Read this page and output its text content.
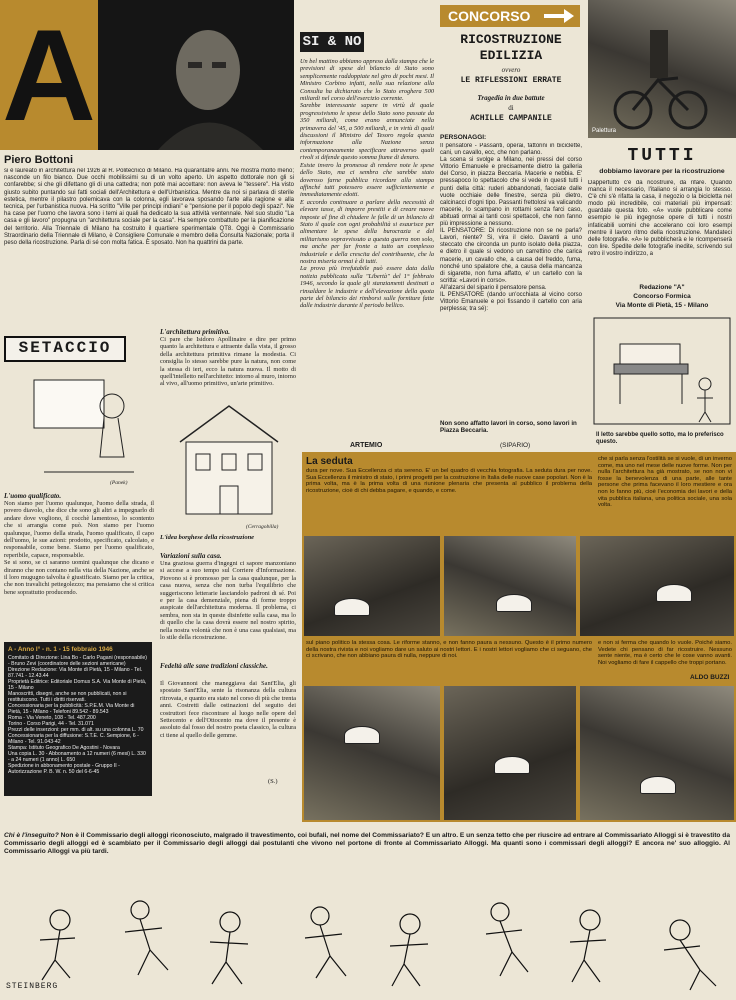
A
Piero Bottoni
si è laureato in architettura nel 1926 al R. Politecnico di Milano. Ha quarantatré anni. Ne mostra molto meno; nasconde un filo bianco. Due occhi mobilissimi su di un volto aperto. Un aspetto dottorale non gli si confarebbe; si che gli difettano gli di una cattedra; non potè mai accettare: non aveva le "tessere". Ha visto giusto subito puntando sui fatti sociali dell'Architettura e dell'Urbanistica. Mentre da noi si parlava di sterile estetica, mentre il pilastro polemicava con la colonna, egli lavorava sposando l'arte alla ragione e alla tecnica, per l'urbanistica nuova. Ha scritto "Ville per principi indiani" e "pensione per il popolo degli spazi". Ne ha case per l'uomo che lavora sono i temi ai quali ha dedicato la sua attività ventennale. Nel suo studio "La casa e gli lavoro" propugna un "architettura sociale per la casa". Ha sempre combattuto per la pianificazione del territorio. Alla Triennale di Milano ha costruito il quartiere sperimentale QT8. Oggi è Commissario Straordinario della Triennale di Milano, è Consigliere Comunale e membro della Consulta Nazionale; porta il peso della ricostruzione. Parla di sé con molta fatica. È sposato. Non ha quattrini da parte.
SI & NO
Un bel mattino abbiamo appreso dalla stampa che le previsioni di spese del bilancio di Stato sono semplicemente raddoppiate nel giro di pochi mesi. Il Ministro Corbino infatti, nella sua relazione alla Consulta ha dichiarato che lo Stato eroghera 500 miliardi nel corso dell'esercizio corrente.
Sarebbe interessante sapere in virtù di quale progressivismo le spese dello Stato sono passate da 350 miliardi, come erano annunciate nella primavera del '45, a 500 miliardi, e in virtù di quali discussioni il Ministro del Tesoro regola questa informazione alla Nazione senza contemporaneamente specificare attraverso quali rivoli si difende questo somma fiume di denaro.
Esiste invero la promessa di rendere note le spese dello Stato, ma ci sembra che sarebbe stato doveroso farne pubblica ricordare alla stampa affinché tutti potessero essere sufficientemente e immediatamente edotti.
E accordo continuare a parlare della necessità di elevare tasse, di imporre prestiti e di creare nuove imposte al fine di chiudere le falle di un bilancio di Stato il quale con ogni probabilità si esaurisce per alimentare le spese della burocrazia e del militarismo sopravvissuto a questa guerra non solo, ma anche per far fronte a tutto un complesso industriale e della crescita del contribuente, che la nostra miseria ormai è di tutti.
La prova più irrefutabile può essere data dalla notizia pubblicata sulla "Libertà" del 1° febbraio 1946, secondo la quale gli stanziamenti destinati a rinsaldare le industrie e dell'elevazione della quota parte del bilancio dei rimborsi sulle forniture fatte dalle industrie durante il periodo bellico.
ARTEMIO
CONCORSO
RICOSTRUZIONE EDILIZIA
ovvero
LE RIFLESSIONI ERRATE
Tragedia in due battute
di
ACHILLE CAMPANILE
PERSONAGGI:
Il pensatore - Passanti, operai, fattorini in biciclette, cani, un cavallo, ecc, che non parlano.
La scena si svolge a Milano, nei pressi del corso Vittorio Emanuele e precisamente dietro la galleria del Corso, in piazza Beccaria. Macerie e nebbia. E' pressapoco lo spettacolo che si vede in questi tutti i punti della città: ruderi abbandonati, facciate dalle vuote occhiaie delle finestre, senza più dietro, calcinacci d'ogni tipo. Passanti frettolosi va valicando macerie, lo scampano in rottami senza farci caso, abituati ormai ai tanti cosi spettacoli, che non fanno più impressione a nessuno.
IL PENSATORE: Di ricostruzione non se ne parla? Lavori, niente? Si, vira il cielo. Davanti a uno steccato che circonda un punto isolato della piazza, e dietro il quale si vedono un carrettino che carica macerie, un cavallo che, a causa del freddo, fuma, nonché uno spalatore che, a causa della mancanza di sigarette, non fuma affatto, e' un cartello con la scritta: «Lavori in corso».
All'alzarsi del sipario il pensatore pensa.
IL PENSATORE (dando un'occhiata al vicino corso Vittorio Emanuele e poi fissando il cartello con aria perplessa; tra sé):
Non sono affatto lavori in corso, sono lavori in Piazza Beccaria.
(SIPARIO)
Palettura
TUTTI
dobbiamo lavorare per la ricostruzione
Dappertutto c'è da ricostruire, da rifare. Quando manca il necessario, l'italiano si arrangia lo stesso. C'è chi s'è rifatta la casa, il negozio o la bicicletta nel modo più incredibile, coi materiali più impensati: guardate questa foto. «A» vuole pubblicare come esempio le più ingegnose opere di tutti i nostri infaticabili uomini che accelerano coi loro esempi mentre il lavoro ritmo della ricostruzione. Mandateci delle fotografie. «A» le pubblicherà e le ricompenserà con lire. Spedite delle fotografie inedite, scrivendo sul retro il vostro indirizzo, a
Redazione "A"
Concorso Formica
Via Monte di Pietà, 15 - Milano
Il letto sarebbe quello sotto, ma lo preferisco questo.
SETACCIO
(Panek)
L'uomo qualificato.
Non siamo per l'uomo qualunque, l'uomo della strada, il povero diavolo, che dice che sono gli altri a impegnarlo di andare dove vogliono, il cocchè lamentoso, lo scontento che si arrangia come può. Non siamo per l'uomo qualunque, l'uomo della strada, l'uomo qualificato, il capo dell'uomo, le sue azioni: prodotto, specificato, calcolato, e responsabile, come bene. Siamo per l'uomo qualificato, reperibile, capace, responsabile.
Se si sono, se ci saranno uomini qualunque che dicano e diranno che non contano nella vita della Nazione, anche se il loro mugugno talvolta è giustificato. Siamo per la critica, che non travalichi pettegolezzo; ma pensiamo che si critica bene soprattutto producendo.
L'architettura primitiva.
Ci pare che Isidoro Apollinaire e dire per primo quanto la architettura e attraente dalla vista, il grosso della architettura primitiva rimane la modestia. Ci consiglia lo stesso sarebbe pure la natura, non come la stessa di ieri, ecco la natura nuova. Il motto di quell'intelletto nell'architetto: intorno al muro, intorno al vivo, all'uomo primitivo, un'arte primitivo.
(Cerragobilla)
L'idea borghese della ricostruzione
Variazioni sulla casa.
Una graziosa guerra d'ingegni ci sapore manzoniano si accese a suo tempo sul Corriere d'Informazione. Piovono si è promosso per la casa qualunque, per la casa nuova, senza che non turba l'equilibrio che suggeriscono letterarie lasciandolo padroni di sé. Poi e per la casa demenziale, piena di forme troppo auspicate dell'architettura moderna. Il problema, ci sembra, non sta in queste disinfette sulla casa, ma lo di quello che la casa dovrà essere nel nostro spirito, nella nostra volontà che non è una casa qualsiasi, ma lo stile della ricostruzione.
Fedeltà alle sane tradizioni classiche.
Il Giovannoni che maneggiava dai Sant'Elia, gli spostato Sant'Elia, sente la risonanza della cultura ritrovata, e quanto era stato nel corso di più che trenta anni. Costretti dalle ostinazioni del seguito dei costruttori fece riscontrare al luogo nelle opere del Settecento e dell'Ottocento ma dove il presente è assoluto dal fosso del nostro poeta classico, la cultura ci tiene al quello delle gemme.
(S.)
A - Anno I° - n. 1 - 15 febbraio 1946
Comitato di Direzione: Lina Bo - Carlo Pagani (responsabile) - Bruno Zevi (coordinatore delle sezioni americane)
Direzione Redazione: Via Monte di Pietà, 15 - Milano - Tel. 87.741 - 12.43.44
Proprietà Editrice: Editoriale Domus S.A. Via Monte di Pietà, 15 - Milano
Manoscritti, disegni, anche se non pubblicati, non si restituiscono. Tutti i diritti riservati.
Concessionaria per la pubblicità: S.P.E.M. Via Monte di Pietà, 15 - Milano - Telefoni 89.542 - 89.543
Roma - Via Veneto, 108 - Tel. 487.200
Torino - Corso Parigi, 44 - Tel. 31.071
Prezzi delle inserzioni: per mm. di alt. su una colonna L. 70
Concessionaria per la diffusione: S.T.E. C. Sempione, 6 - Milano - Tel. 91.043-42
Stampa: Istituto Geografico De Agostini - Novara
Una copia L. 30 - Abbonamento a 12 numeri (6 mesi) L. 330 - a 24 numeri (1 anno) L. 650
Spedizione in abbonamento postale - Gruppo II - Autorizzazione P. B. W. n. 50 del 6-6-45
La seduta
dura per nove. Sua Eccellenza ci sta sereno. E' un bel quadro di vecchia fotografia. La seduta dura per nove. Sua Eccellenza il ministro di stato, i primi progetti per la costruzione in Italia delle nuove case popolari. Non è la prima volta, ma è la prima volta di una riunione plenaria che presenta al pubblico il problema della ricostruzione, cioè di chi debba pagare, e quando, e come.
che si parla senza l'ostilità se si vuole, di un inverno come, ma uno nel mese delle nuove forme. Non per nulla l'architettura ha già mostrato, se non non vi fosse la benevolenza di una parte, alle tante persone che prima facevano il loro mestiere e ora non lo fanno più, cioè l'economia dei lavori e della vita pubblica italiana, una politica sociale, una sola volta.
sul piano politico la stessa cosa. Le riforme stanno, e non fanno paura a nessuno. Questo è il primo numero della nostra rivista e noi vogliamo dare un saluto ai nostri lettori. E i nostri lettori vogliamo che ci seguano, che ci scrivano, che non abbiano paura di nulla, neppure di noi.
e non si ferma che quando lo vuole. Poiché siamo. Vedete chi pensano di far ricostruire. Nessuno sente niente, ma è certo che le cose vanno avanti. Noi vogliamo di fare il cappello che troppi portano.
ALDO BUZZI
Chi è l'inseguito? Non è il Commissario degli alloggi riconosciuto, malgrado il travestimento, coi bufali, nel nome del Commissariato? E un altro. E un senza tetto che per riuscire ad entrare al Commissariato Alloggi si è travestito da Commissario degli alloggi ed è scambiato per il Commissario degli alloggi dai postulanti che vivono nel portone di fronte al Commissariato Alloggi. Ma quanti sono i commissari degli alloggi? E ancora ne' suo alloggio. Al Commissario Alloggi va più tardi.
STEINBERG
